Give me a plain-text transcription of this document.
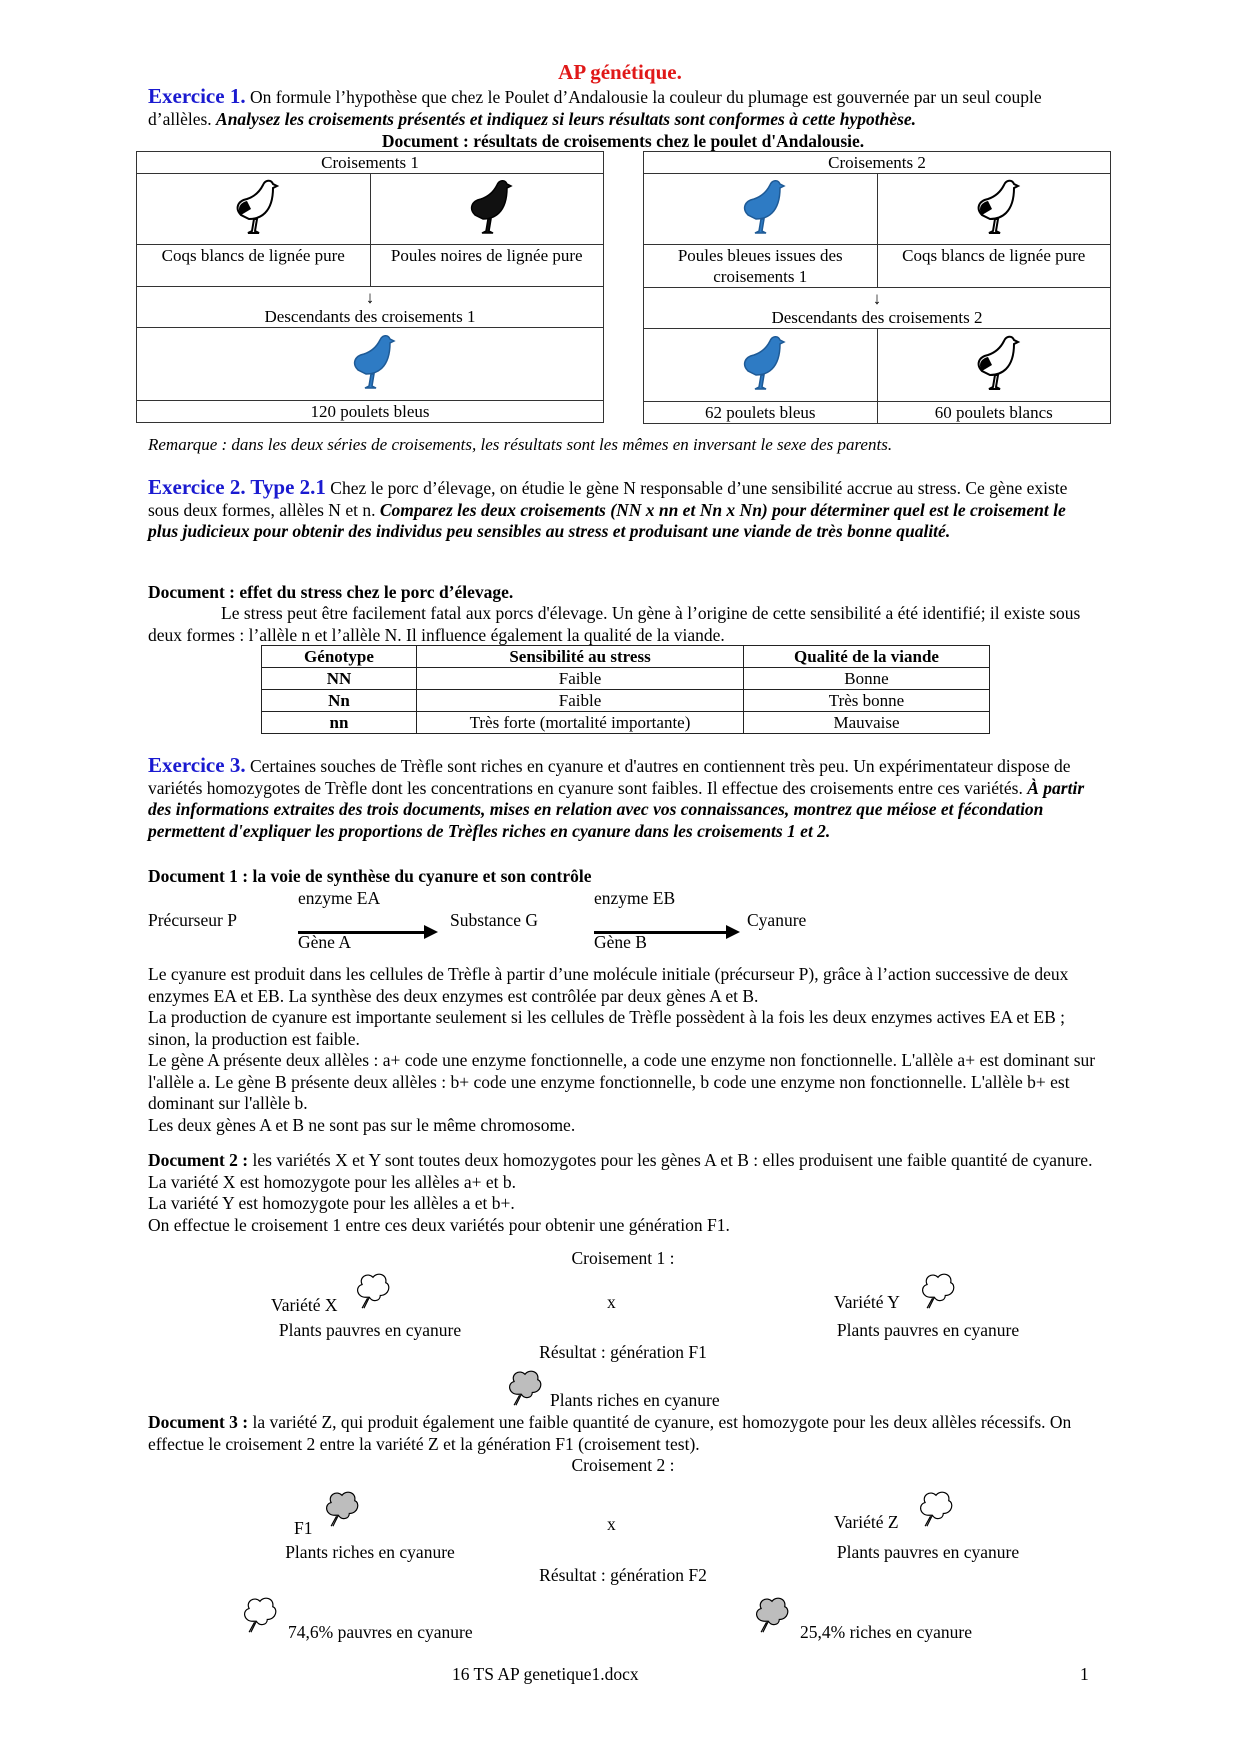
AP génétique.
Exercice 1. On formule l’hypothèse que chez le Poulet d’Andalousie la couleur du plumage est gouvernée par un seul couple d’allèles. Analysez les croisements présentés et indiquez si leurs résultats sont conformes à cette hypothèse.
Document : résultats de croisements chez le poulet d'Andalousie.
Croisements 1	

Coqs blancs de lignée pure	Poules noires de lignée pure

↓
Descendants des croisements 1	

120 poulets bleus	
Croisements 2	

Poules bleues issues des croisements 1	Coqs blancs de lignée pure

↓
Descendants des croisements 2	

62 poulets bleus	60 poulets blancs
Remarque : dans les deux séries de croisements, les résultats sont les mêmes en inversant le sexe des parents.
Exercice 2. Type 2.1 Chez le porc d’élevage, on étudie le gène N responsable d’une sensibilité accrue au stress. Ce gène existe sous deux formes, allèles N et n. Comparez les deux croisements (NN x nn et Nn x Nn) pour déterminer quel est le croisement le plus judicieux pour obtenir des individus peu sensibles au stress et produisant une viande de très bonne qualité.
Document : effet du stress chez le porc d’élevage.
Le stress peut être facilement fatal aux porcs d'élevage. Un gène à l’origine de cette sensibilité a été identifié; il existe sous deux formes : l’allèle n et l’allèle N. Il influence également la qualité de la viande.
Génotype	Sensibilité au stress	Qualité de la viande
NN	Faible	Bonne
Nn	Faible	Très bonne
nn	Très forte (mortalité importante)	Mauvaise
Exercice 3. Certaines souches de Trèfle sont riches en cyanure et d'autres en contiennent très peu. Un expérimentateur dispose de variétés homozygotes de Trèfle dont les concentrations en cyanure sont faibles. Il effectue des croisements entre ces variétés. À partir des informations extraites des trois documents, mises en relation avec vos connaissances, montrez que méiose et fécondation permettent d'expliquer les proportions de Trèfles riches en cyanure dans les croisements 1 et 2.
Document 1 : la voie de synthèse du cyanure et son contrôle
enzyme EA
Précurseur P
Gène A
Substance G
enzyme EB
Gène B
Cyanure
Le cyanure est produit dans les cellules de Trèfle à partir d’une molécule initiale (précurseur P), grâce à l’action successive de deux enzymes EA et EB. La synthèse des deux enzymes est contrôlée par deux gènes A et B.
La production de cyanure est importante seulement si les cellules de Trèfle possèdent à la fois les deux enzymes actives EA et EB ; sinon, la production est faible.
Le gène A présente deux allèles : a+ code une enzyme fonctionnelle, a code une enzyme non fonctionnelle. L'allèle a+ est dominant sur l'allèle a. Le gène B présente deux allèles : b+ code une enzyme fonctionnelle, b code une enzyme non fonctionnelle. L'allèle b+ est dominant sur l'allèle b.
Les deux gènes A et B ne sont pas sur le même chromosome.
Document 2 : les variétés X et Y sont toutes deux homozygotes pour les gènes A et B : elles produisent une faible quantité de cyanure.
La variété X est homozygote pour les allèles a+ et b.
La variété Y est homozygote pour les allèles a et b+.
On effectue le croisement 1 entre ces deux variétés pour obtenir une génération F1.
Croisement 1 :
Variété X
Plants pauvres en cyanure
x	Variété Y
Plants pauvres en cyanure
Résultat : génération F1
Plants riches en cyanure
Document 3 : la variété Z, qui produit également une faible quantité de cyanure, est homozygote pour les deux allèles récessifs. On effectue le croisement 2 entre la variété Z et la génération F1 (croisement test).
Croisement 2 :
F1
Plants riches en cyanure
x	Variété Z
Plants pauvres en cyanure
Résultat : génération F2
74,6% pauvres en cyanure	25,4% riches en cyanure
16 TS AP genetique1.docx	1
